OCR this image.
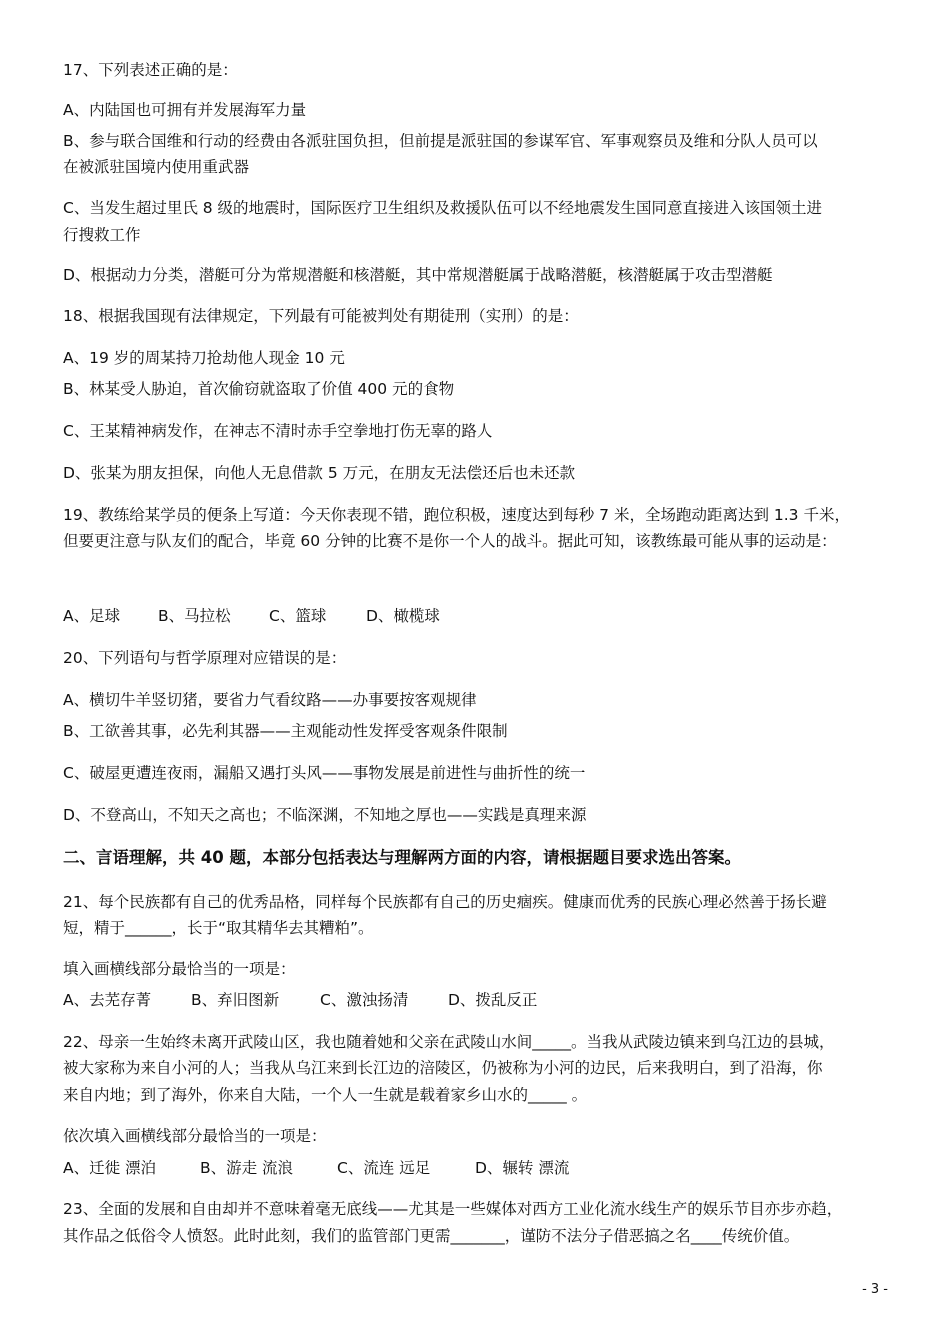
17、下列表述正确的是：
A、内陆国也可拥有并发展海军力量
B、参与联合国维和行动的经费由各派驻国负担，但前提是派驻国的参谋军官、军事观察员及维和分队人员可以
在被派驻国境内使用重武器
C、当发生超过里氏 8 级的地震时，国际医疗卫生组织及救援队伍可以不经地震发生国同意直接进入该国领土进
行搜救工作
D、根据动力分类，潜艇可分为常规潜艇和核潜艇，其中常规潜艇属于战略潜艇，核潜艇属于攻击型潜艇
18、根据我国现有法律规定，下列最有可能被判处有期徒刑（实刑）的是：
A、19 岁的周某持刀抢劫他人现金 10 元
B、林某受人胁迫，首次偷窃就盗取了价值 400 元的食物
C、王某精神病发作，在神志不清时赤手空拳地打伤无辜的路人
D、张某为朋友担保，向他人无息借款 5 万元，在朋友无法偿还后也未还款
19、教练给某学员的便条上写道：今天你表现不错，跑位积极，速度达到每秒 7 米，全场跑动距离达到 1.3 千米，
但要更注意与队友们的配合，毕竟 60 分钟的比赛不是你一个人的战斗。据此可知，该教练最可能从事的运动是：
A、足球 B、马拉松 C、篮球	D、橄榄球
20、下列语句与哲学原理对应错误的是：
A、横切牛羊竖切猪，要省力气看纹路——办事要按客观规律
B、工欲善其事，必先利其器——主观能动性发挥受客观条件限制
C、破屋更遭连夜雨，漏船又遇打头风——事物发展是前进性与曲折性的统一
D、不登高山，不知天之高也；不临深渊，不知地之厚也——实践是真理来源
二、言语理解，共 40 题，本部分包括表达与理解两方面的内容，请根据题目要求选出答案。
21、每个民族都有自己的优秀品格，同样每个民族都有自己的历史痼疾。健康而优秀的民族心理必然善于扬长避
短，精于______，长于“取其精华去其糟粕”。
填入画横线部分最恰当的一项是：
A、去芜存菁	B、弃旧图新	C、激浊扬清	D、拨乱反正
22、母亲一生始终未离开武陵山区，我也随着她和父亲在武陵山水间_____。当我从武陵边镇来到乌江边的县城，
被大家称为来自小河的人；当我从乌江来到长江边的涪陵区，仍被称为小河的边民，后来我明白，到了沿海，你
来自内地；到了海外，你来自大陆，一个人一生就是载着家乡山水的_____ 。
依次填入画横线部分最恰当的一项是：
A、迁徙 漂泊	B、游走 流浪	C、流连 远足	D、辗转 漂流
23、全面的发展和自由却并不意味着毫无底线——尤其是一些媒体对西方工业化流水线生产的娱乐节目亦步亦趋，
其作品之低俗令人愤怒。此时此刻，我们的监管部门更需_______，谨防不法分子借恶搞之名____传统价值。
- 3 -
